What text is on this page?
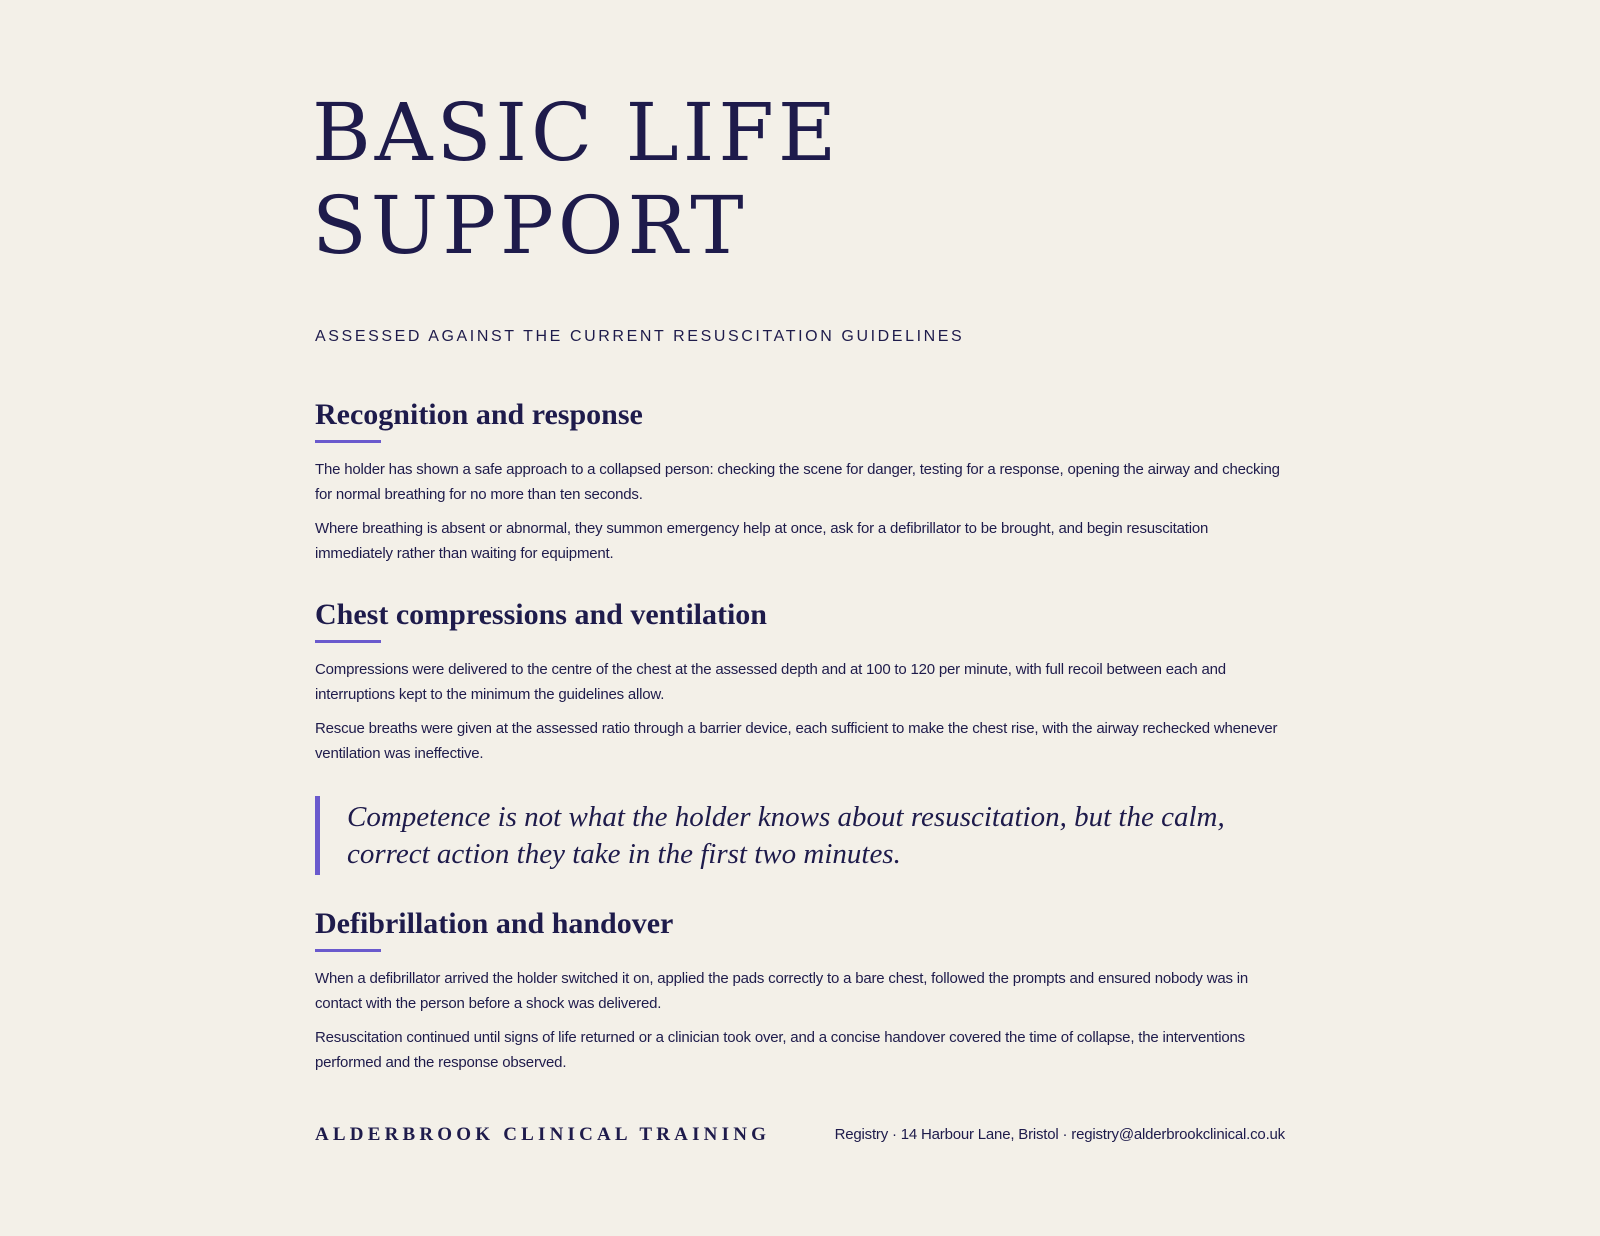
BASIC LIFE
SUPPORT
ASSESSED AGAINST THE CURRENT RESUSCITATION GUIDELINES
Recognition and response

The holder has shown a safe approach to a collapsed person: checking the scene for danger, testing for a response, opening the airway and checking for normal breathing for no more than ten seconds.

Where breathing is absent or abnormal, they summon emergency help at once, ask for a defibrillator to be brought, and begin resuscitation immediately rather than waiting for equipment.

Chest compressions and ventilation

Compressions were delivered to the centre of the chest at the assessed depth and at 100 to 120 per minute, with full recoil between each and interruptions kept to the minimum the guidelines allow.

Rescue breaths were given at the assessed ratio through a barrier device, each sufficient to make the chest rise, with the airway rechecked whenever ventilation was ineffective.

Competence is not what the holder knows about resuscitation, but the calm, correct action they take in the first two minutes.

Defibrillation and handover

When a defibrillator arrived the holder switched it on, applied the pads correctly to a bare chest, followed the prompts and ensured nobody was in contact with the person before a shock was delivered.

Resuscitation continued until signs of life returned or a clinician took over, and a concise handover covered the time of collapse, the interventions performed and the response observed.

ALDERBROOK CLINICAL TRAINING	Registry · 14 Harbour Lane, Bristol · registry@alderbrookclinical.co.uk
